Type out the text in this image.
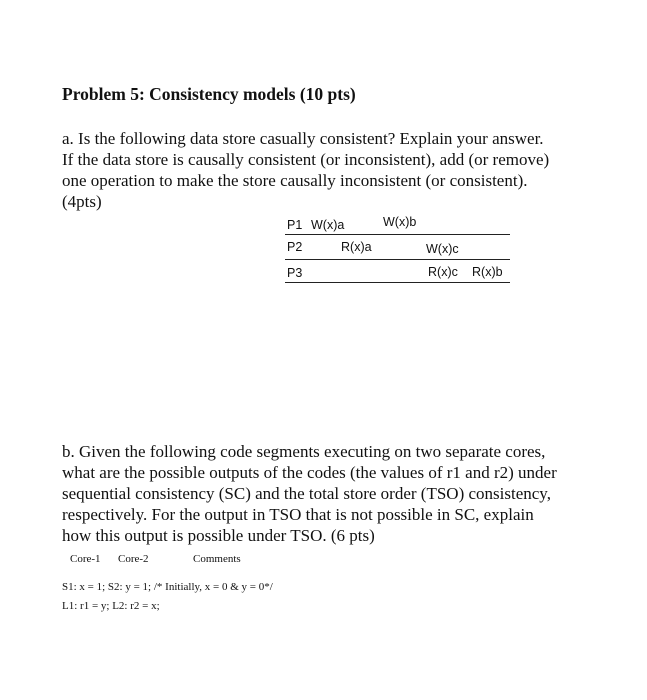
Problem 5: Consistency models (10 pts)
a. Is the following data store casually consistent? Explain your answer.
If the data store is causally consistent (or inconsistent), add (or remove)
one operation to make the store causally inconsistent (or consistent).
(4pts)
P1 W(x)a	W(x)b
P2	R(x)a	W(x)c
P3	R(x)c R(x)b
b. Given the following code segments executing on two separate cores,
what are the possible outputs of the codes (the values of r1 and r2) under
sequential consistency (SC) and the total store order (TSO) consistency,
respectively. For the output in TSO that is not possible in SC, explain
how this output is possible under TSO. (6 pts)
Core-1 Core-2	Comments
S1: x = 1; S2: y = 1; /* Initially, x = 0 & y = 0*/
L1: r1 = y; L2: r2 = x;
